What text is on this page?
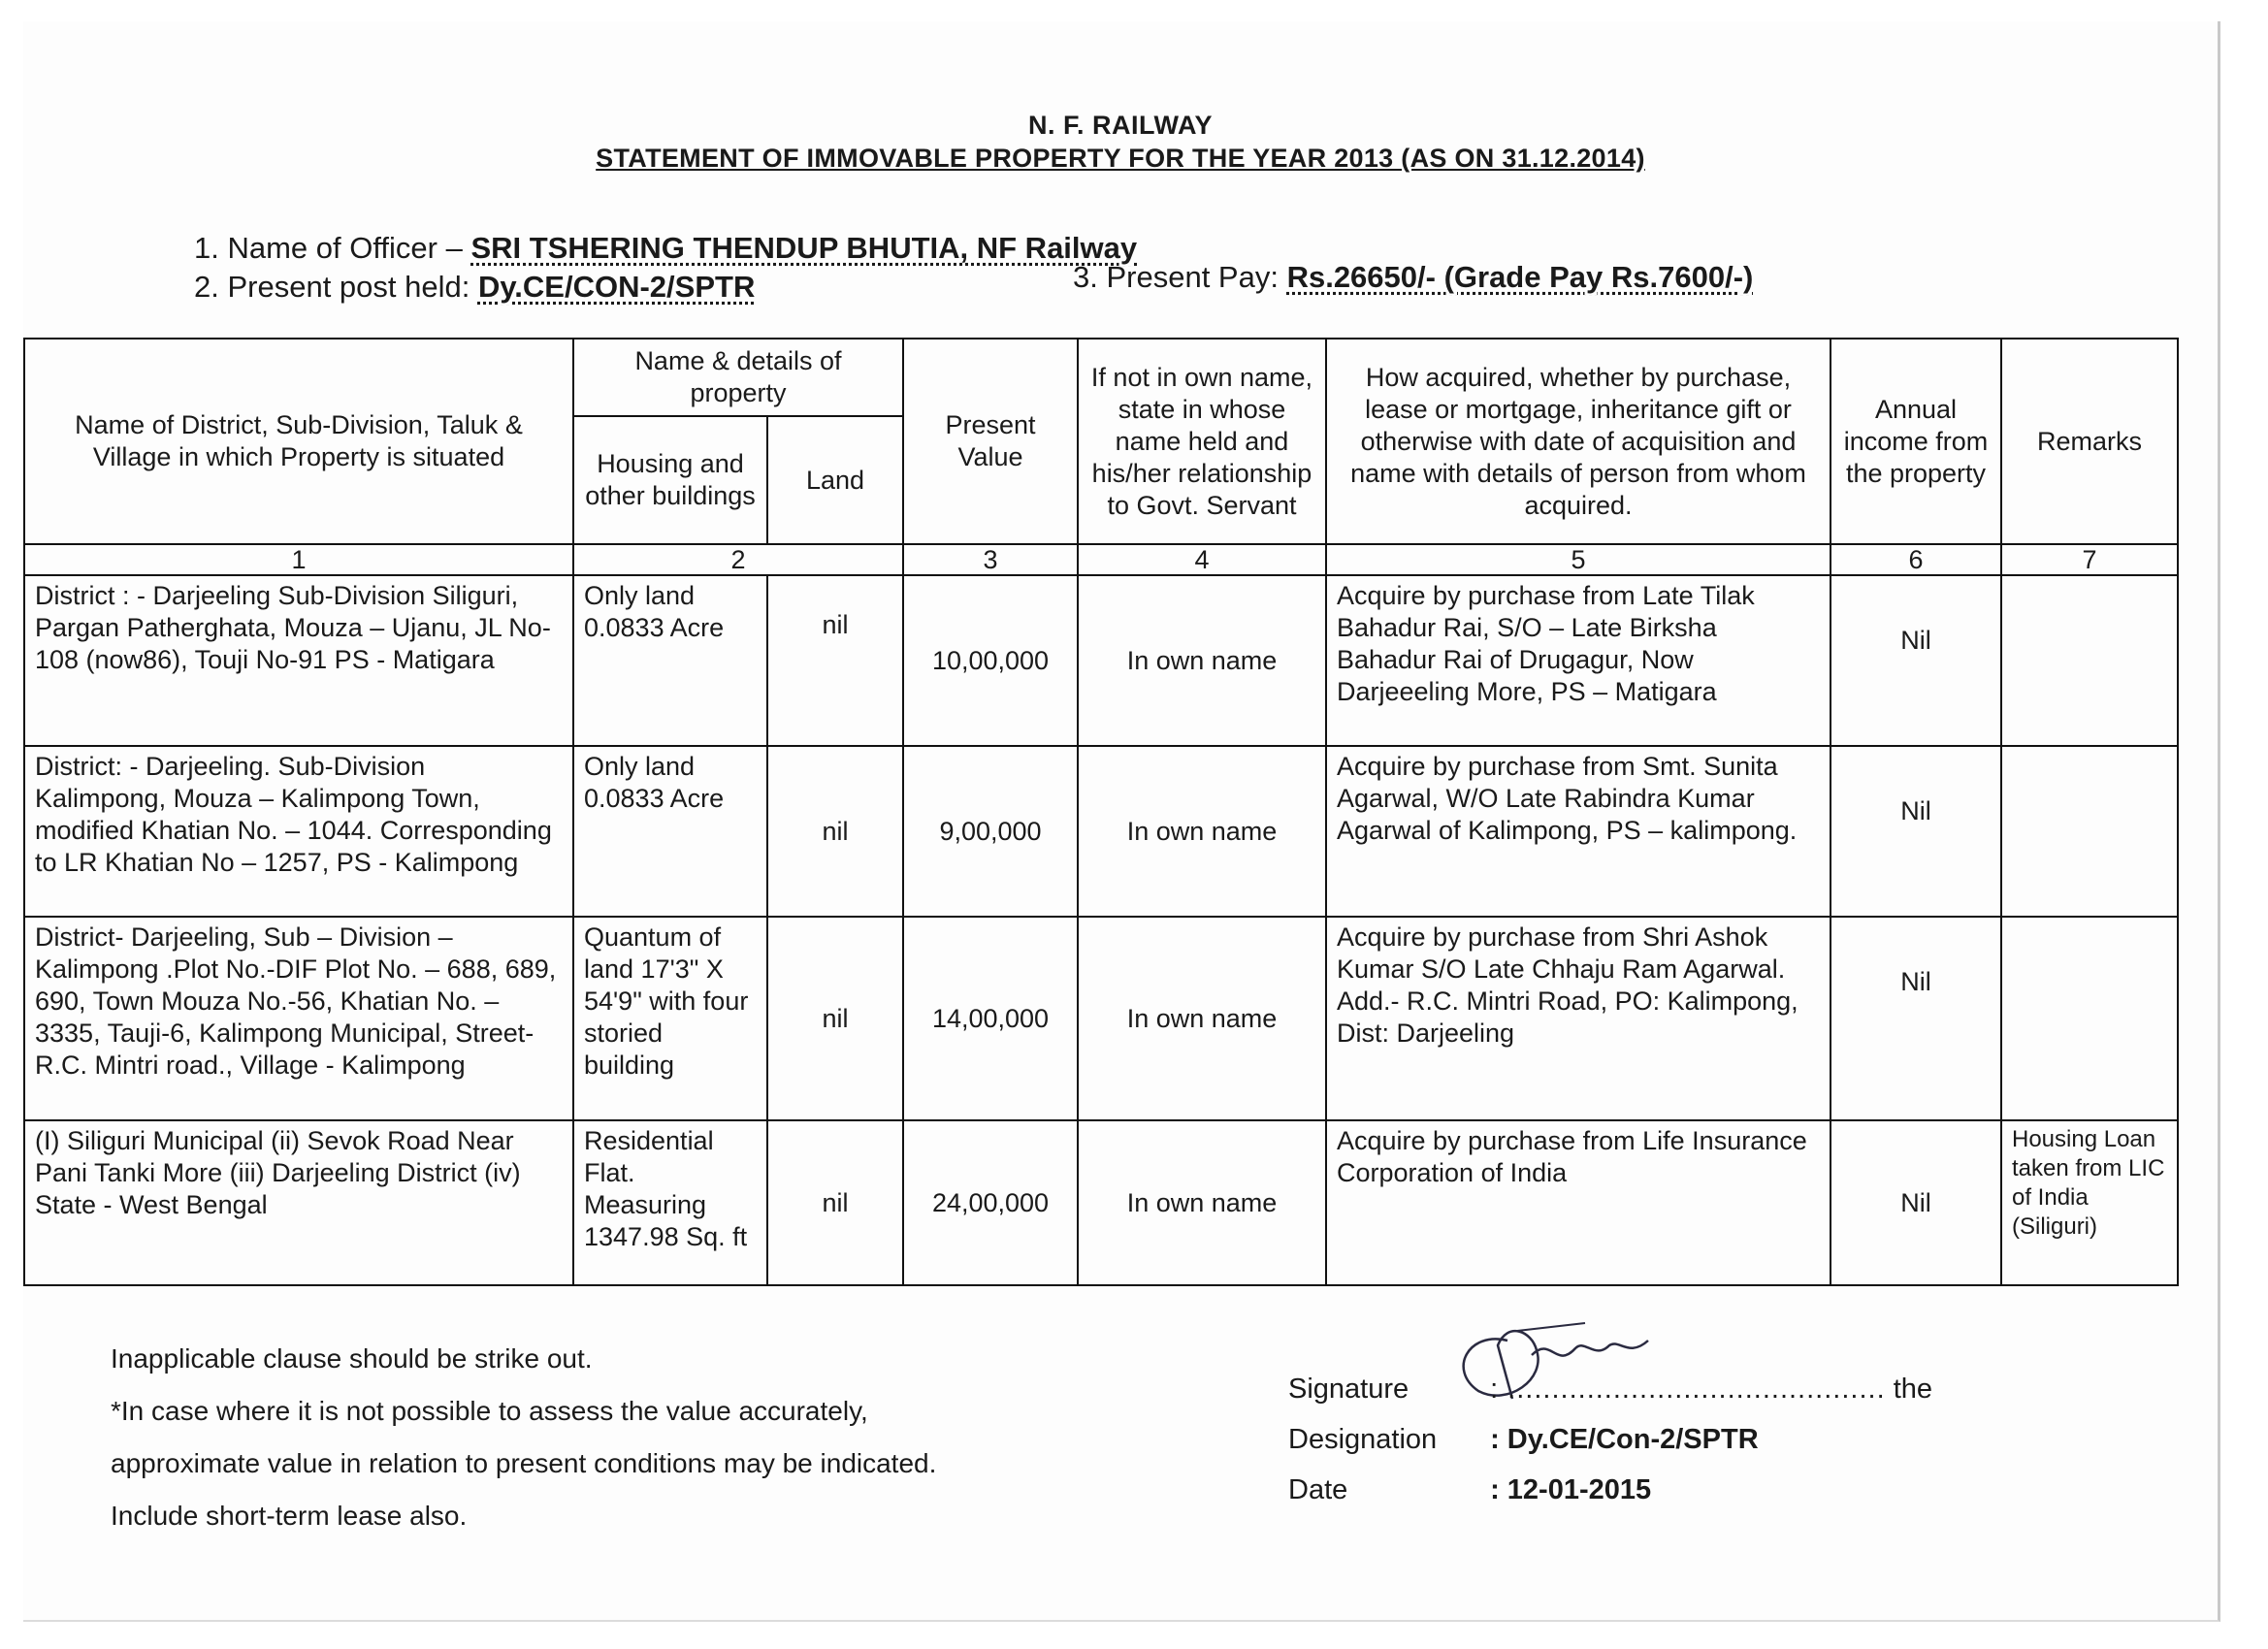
N. F. RAILWAY
STATEMENT OF IMMOVABLE PROPERTY FOR THE YEAR 2013 (AS ON 31.12.2014)
1. Name of Officer – SRI TSHERING THENDUP BHUTIA, NF Railway
2. Present post held: Dy.CE/CON-2/SPTR	3. Present Pay: Rs.26650/- (Grade Pay Rs.7600/-)
Name of District, Sub-Division, Taluk & Village in which Property is situated	Name & details of property		Present Value	If not in own name, state in whose name held and his/her relationship to Govt. Servant	How acquired, whether by purchase, lease or mortgage, inheritance gift or otherwise with date of acquisition and name with details of person from whom acquired.	Annual income from the property	Remarks
	Housing and other buildings	Land					
1	2		3	4	5	6	7
District : - Darjeeling Sub-Division Siliguri, Pargan Patherghata, Mouza – Ujanu, JL No-108 (now86), Touji No-91 PS - Matigara	Only land 0.0833 Acre	nil	10,00,000	In own name	Acquire by purchase from Late Tilak Bahadur Rai, S/O – Late Birksha Bahadur Rai of Drugagur, Now Darjeeeling More, PS – Matigara	Nil	
District: - Darjeeling. Sub-Division Kalimpong, Mouza – Kalimpong Town, modified Khatian No. – 1044. Corresponding to LR Khatian No – 1257, PS - Kalimpong	Only land 0.0833 Acre	nil	9,00,000	In own name	Acquire by purchase from Smt. Sunita Agarwal, W/O Late Rabindra Kumar Agarwal of Kalimpong, PS – kalimpong.	Nil	
District- Darjeeling, Sub – Division – Kalimpong .Plot No.-DIF Plot No. – 688, 689, 690, Town Mouza No.-56, Khatian No. – 3335, Tauji-6, Kalimpong Municipal, Street- R.C. Mintri road., Village - Kalimpong	Quantum of land 17'3" X 54'9" with four storied building	nil	14,00,000	In own name	Acquire by purchase from Shri Ashok Kumar S/O Late Chhaju Ram Agarwal. Add.- R.C. Mintri Road, PO: Kalimpong, Dist: Darjeeling	Nil	
(I) Siliguri Municipal (ii) Sevok Road Near Pani Tanki More (iii) Darjeeling District (iv) State - West Bengal	Residential Flat. Measuring 1347.98 Sq. ft	nil	24,00,000	In own name	Acquire by purchase from Life Insurance Corporation of India	Nil	Housing Loan taken from LIC of India (Siliguri)
Inapplicable clause should be strike out.
*In case where it is not possible to assess the value accurately,
approximate value in relation to present conditions may be indicated.
Include short-term lease also.
Signature	: ........................................... the
Designation : Dy.CE/Con-2/SPTR
Date	: 12-01-2015
